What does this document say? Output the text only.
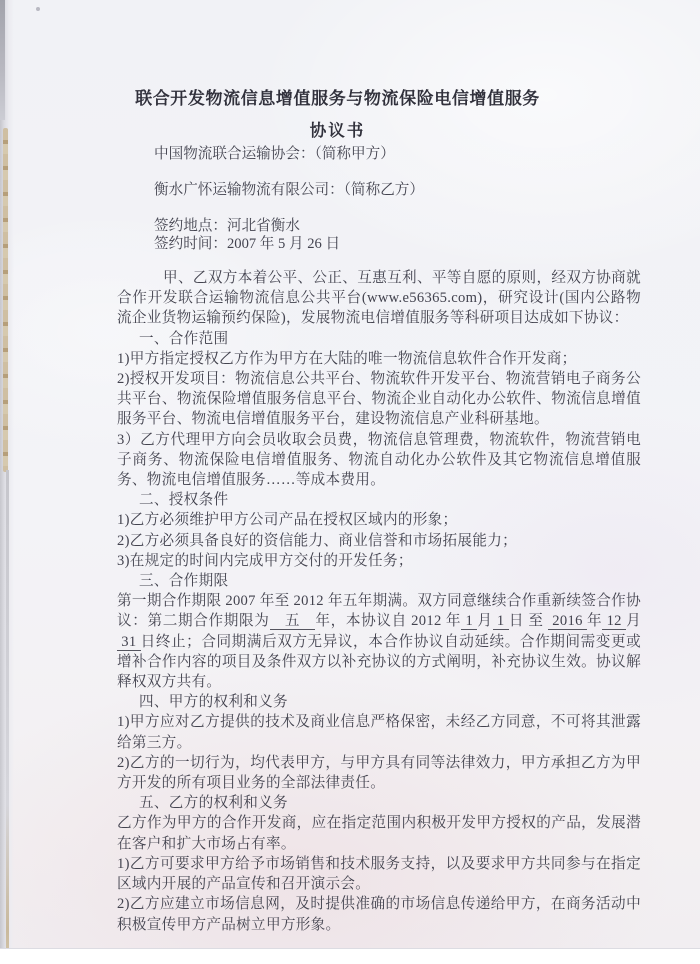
联合开发物流信息增值服务与物流保险电信增值服务
协议书

中国物流联合运输协会：（简称甲方）

衡水广怀运输物流有限公司：（简称乙方）

签约地点：河北省衡水

签约时间：2007 年 5 月 26 日

甲、乙双方本着公平、公正、互惠互利、平等自愿的原则，经双方协商就合作开发联合运输物流信息公共平台(www.e56365.com)，研究设计(国内公路物流企业货物运输预约保险)，发展物流电信增值服务等科研项目达成如下协议：

一、合作范围

1)甲方指定授权乙方作为甲方在大陆的唯一物流信息软件合作开发商；

2)授权开发项目：物流信息公共平台、物流软件开发平台、物流营销电子商务公共平台、物流保险增值服务信息平台、物流企业自动化办公软件、物流信息增值服务平台、物流电信增值服务平台，建设物流信息产业科研基地。

3）乙方代理甲方向会员收取会员费，物流信息管理费，物流软件，物流营销电子商务、物流保险电信增值服务、物流自动化办公软件及其它物流信息增值服务、物流电信增值服务……等成本费用。

二、授权条件

1)乙方必须维护甲方公司产品在授权区域内的形象；

2)乙方必须具备良好的资信能力、商业信誉和市场拓展能力；

3)在规定的时间内完成甲方交付的开发任务；

三、合作期限

第一期合作期限 2007 年至 2012 年五年期满。双方同意继续合作重新续签合作协议：第二期合作期限为　五　年，本协议自 2012 年 1 月 1 日 至  2016 年 12 月 31 日终止；合同期满后双方无异议，本合作协议自动延续。合作期间需变更或增补合作内容的项目及条件双方以补充协议的方式阐明，补充协议生效。协议解释权双方共有。

四、甲方的权利和义务

1)甲方应对乙方提供的技术及商业信息严格保密，未经乙方同意，不可将其泄露给第三方。

2)乙方的一切行为，均代表甲方，与甲方具有同等法律效力，甲方承担乙方为甲方开发的所有项目业务的全部法律责任。

五、乙方的权利和义务

乙方作为甲方的合作开发商，应在指定范围内积极开发甲方授权的产品，发展潜在客户和扩大市场占有率。

1)乙方可要求甲方给予市场销售和技术服务支持，以及要求甲方共同参与在指定区域内开展的产品宣传和召开演示会。

2)乙方应建立市场信息网，及时提供准确的市场信息传递给甲方，在商务活动中积极宣传甲方产品树立甲方形象。
